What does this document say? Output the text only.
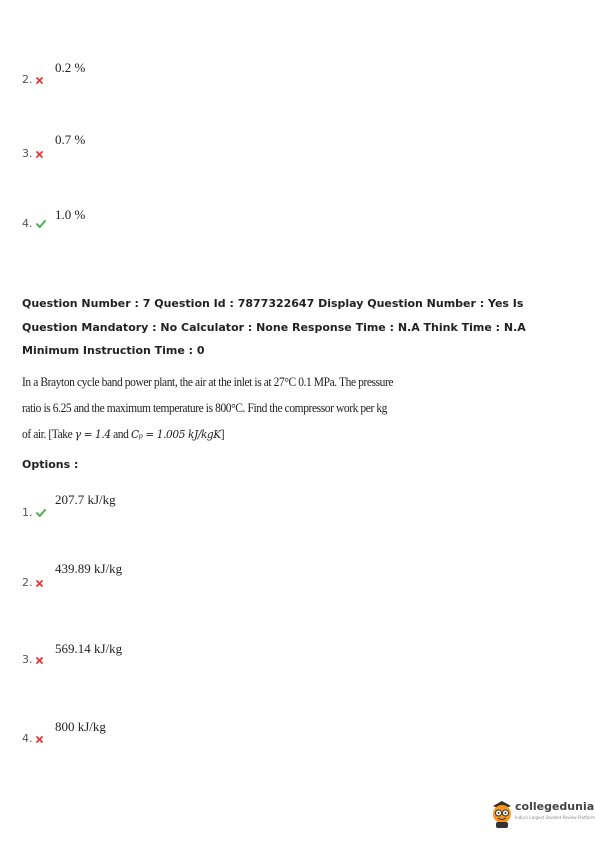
0.2 %
2.
0.7 %
3.
1.0 %
4.
Question Number : 7 Question Id : 7877322647 Display Question Number : Yes Is Question Mandatory : No Calculator : None Response Time : N.A Think Time : N.A Minimum Instruction Time : 0
In a Brayton cycle band power plant, the air at the inlet is at 27°C 0.1 MPa. The pressure
ratio is 6.25 and the maximum temperature is 800°C. Find the compressor work per kg
of air. [Take γ = 1.4 and Cₚ = 1.005 kJ/kgK]
Options :
207.7 kJ/kg
1.
439.89 kJ/kg
2.
569.14 kJ/kg
3.
800 kJ/kg
4.
collegedunia
India's Largest Student Review Platform
